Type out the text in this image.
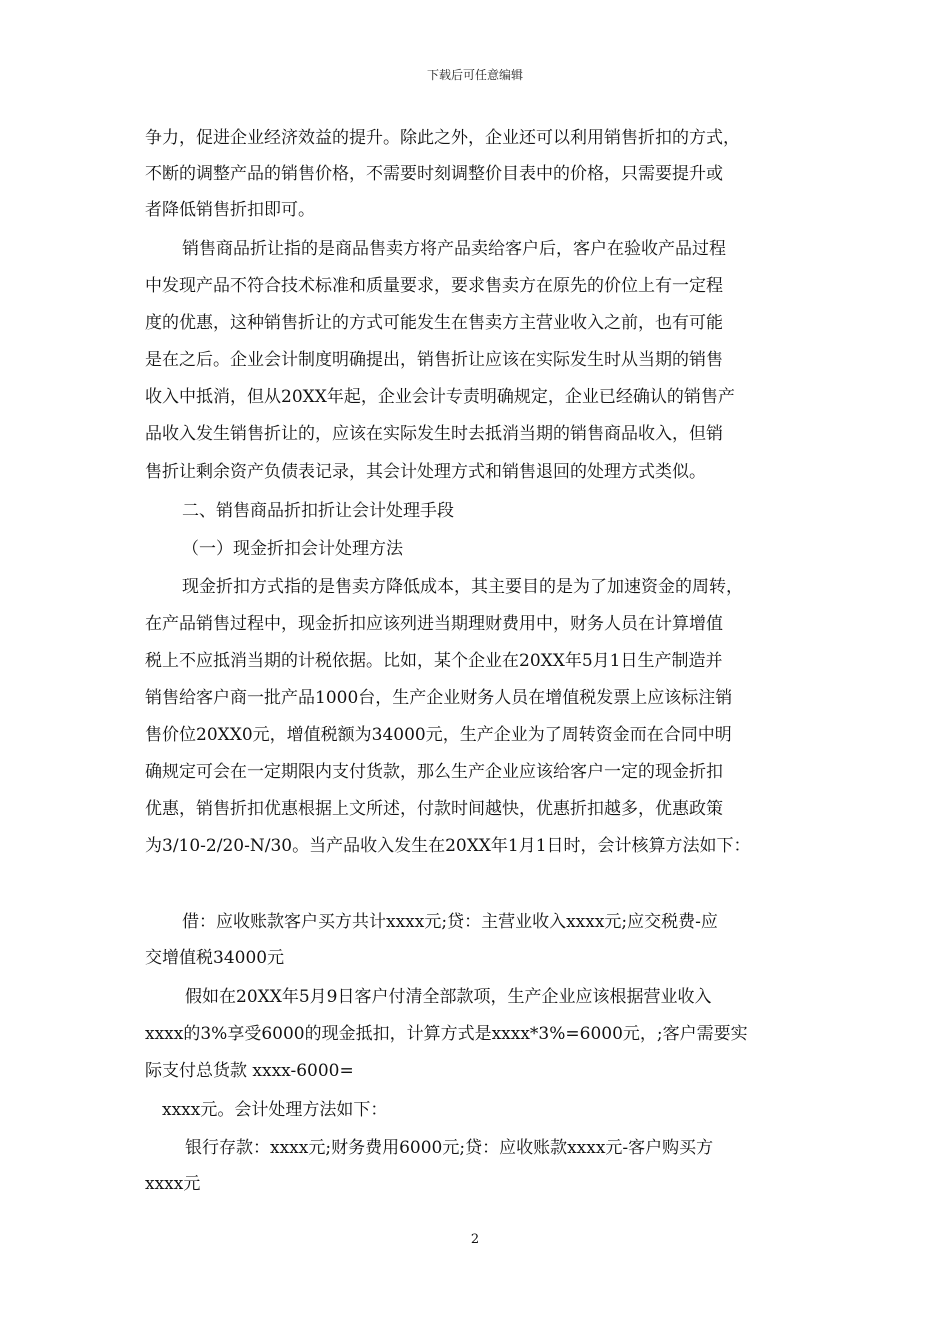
下载后可任意编辑
争力，促进企业经济效益的提升。除此之外，企业还可以利用销售折扣的方式，
不断的调整产品的销售价格，不需要时刻调整价目表中的价格，只需要提升或
者降低销售折扣即可。
销售商品折让指的是商品售卖方将产品卖给客户后，客户在验收产品过程
中发现产品不符合技术标准和质量要求，要求售卖方在原先的价位上有一定程
度的优惠，这种销售折让的方式可能发生在售卖方主营业收入之前，也有可能
是在之后。企业会计制度明确提出，销售折让应该在实际发生时从当期的销售
收入中抵消，但从20XX年起，企业会计专责明确规定，企业已经确认的销售产
品收入发生销售折让的，应该在实际发生时去抵消当期的销售商品收入，但销
售折让剩余资产负债表记录，其会计处理方式和销售退回的处理方式类似。
二、销售商品折扣折让会计处理手段
（一）现金折扣会计处理方法
现金折扣方式指的是售卖方降低成本，其主要目的是为了加速资金的周转，
在产品销售过程中，现金折扣应该列进当期理财费用中，财务人员在计算增值
税上不应抵消当期的计税依据。比如，某个企业在20XX年5月1日生产制造并
销售给客户商一批产品1000台，生产企业财务人员在增值税发票上应该标注销
售价位20XX0元，增值税额为34000元，生产企业为了周转资金而在合同中明
确规定可会在一定期限内支付货款，那么生产企业应该给客户一定的现金折扣
优惠，销售折扣优惠根据上文所述，付款时间越快，优惠折扣越多，优惠政策
为3/10-2/20-N/30。当产品收入发生在20XX年1月1日时，会计核算方法如下：
借：应收账款客户买方共计xxxx元;贷：主营业收入xxxx元;应交税费-应
交增值税34000元
假如在20XX年5月9日客户付清全部款项，生产企业应该根据营业收入
xxxx的3%享受6000的现金抵扣，计算方式是xxxx*3%=6000元，;客户需要实
际支付总货款 xxxx-6000=
xxxx元。会计处理方法如下：
银行存款：xxxx元;财务费用6000元;贷：应收账款xxxx元-客户购买方
xxxx元
2
